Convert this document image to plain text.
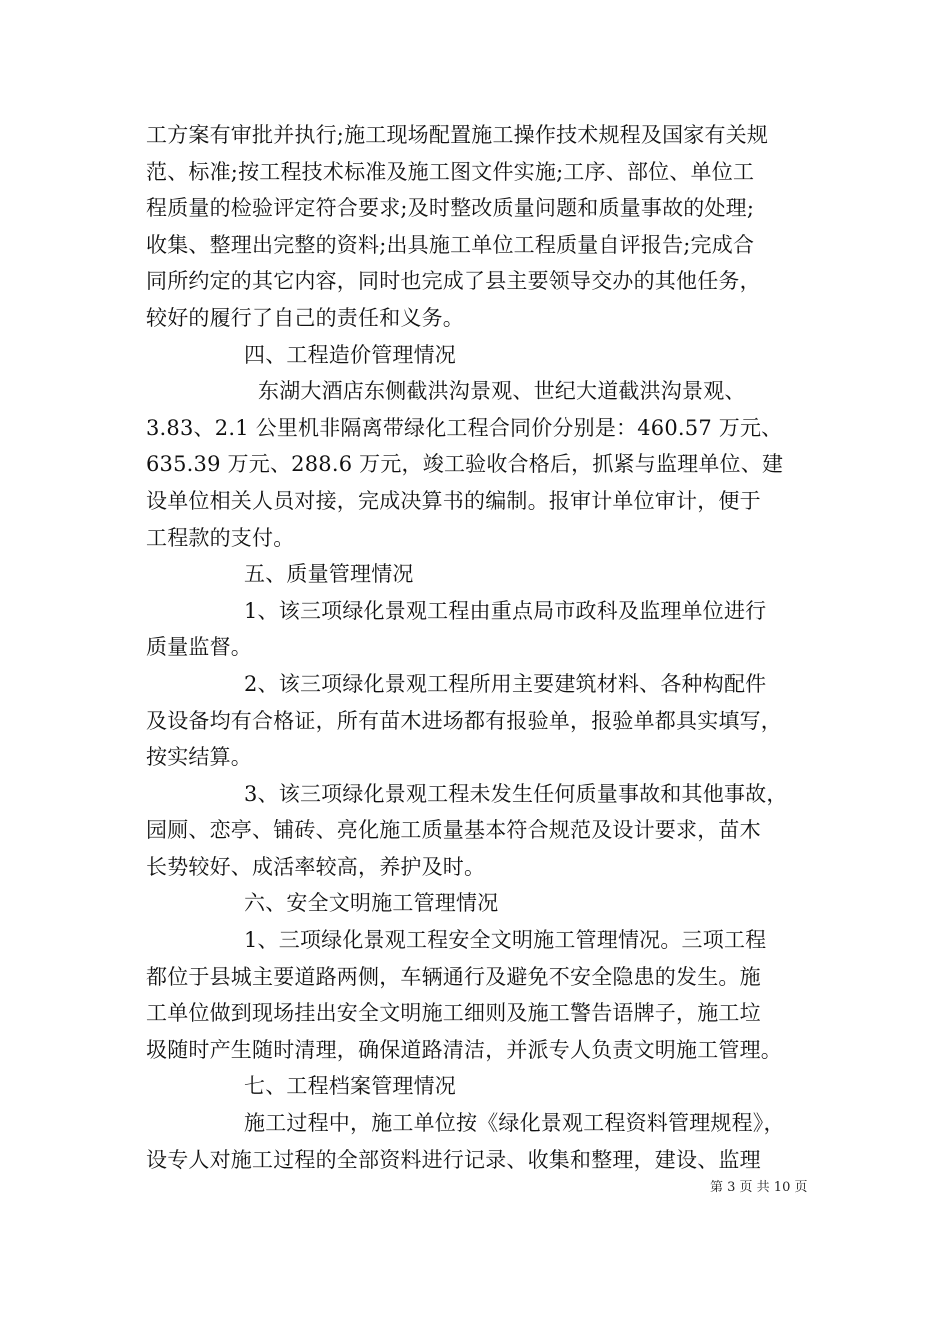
工方案有审批并执行;施工现场配置施工操作技术规程及国家有关规
范、标准;按工程技术标准及施工图文件实施;工序、部位、单位工
程质量的检验评定符合要求;及时整改质量问题和质量事故的处理;
收集、整理出完整的资料;出具施工单位工程质量自评报告;完成合
同所约定的其它内容，同时也完成了县主要领导交办的其他任务，
较好的履行了自己的责任和义务。
四、工程造价管理情况
东湖大酒店东侧截洪沟景观、世纪大道截洪沟景观、
3.83、2.1 公里机非隔离带绿化工程合同价分别是：460.57 万元、
635.39 万元、288.6 万元，竣工验收合格后，抓紧与监理单位、建
设单位相关人员对接，完成决算书的编制。报审计单位审计，便于
工程款的支付。
五、质量管理情况
1、该三项绿化景观工程由重点局市政科及监理单位进行
质量监督。
2、该三项绿化景观工程所用主要建筑材料、各种构配件
及设备均有合格证，所有苗木进场都有报验单，报验单都具实填写，
按实结算。
3、该三项绿化景观工程未发生任何质量事故和其他事故，
园厕、恋亭、铺砖、亮化施工质量基本符合规范及设计要求，苗木
长势较好、成活率较高，养护及时。
六、安全文明施工管理情况
1、三项绿化景观工程安全文明施工管理情况。三项工程
都位于县城主要道路两侧，车辆通行及避免不安全隐患的发生。施
工单位做到现场挂出安全文明施工细则及施工警告语牌子，施工垃
圾随时产生随时清理，确保道路清洁，并派专人负责文明施工管理。
七、工程档案管理情况
施工过程中，施工单位按《绿化景观工程资料管理规程》，
设专人对施工过程的全部资料进行记录、收集和整理，建设、监理
第 3 页 共 10 页
